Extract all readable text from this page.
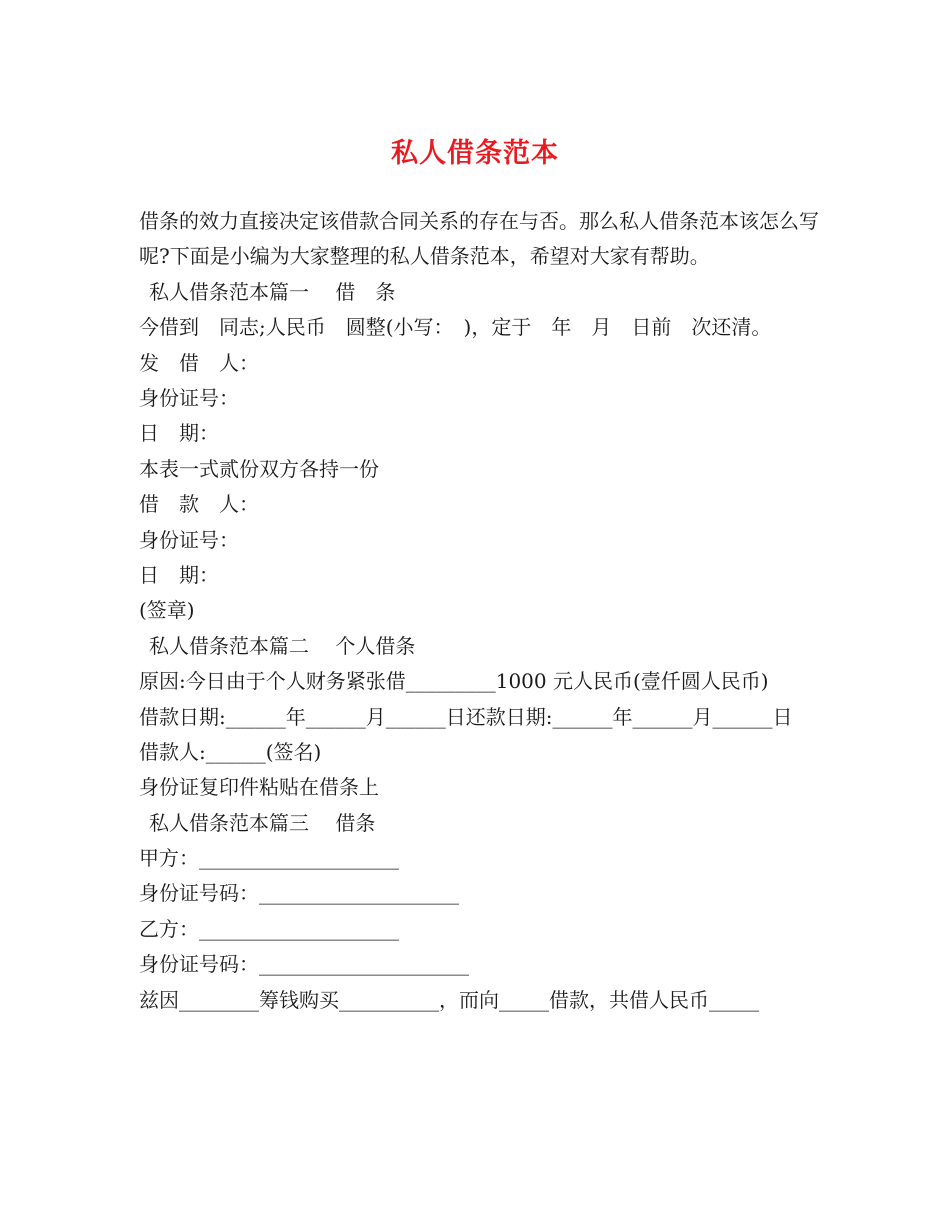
私人借条范本
借条的效力直接决定该借款合同关系的存在与否。那么私人借条范本该怎么写呢?下面是小编为大家整理的私人借条范本，希望对大家有帮助。
私人借条范本篇一　 借　条
今借到　同志;人民币　圆整(小写：　)，定于　年　月　日前　次还清。
发　借　人：
身份证号：
日　期：
本表一式贰份双方各持一份
借　款　人：
身份证号：
日　期：
(签章)
私人借条范本篇二　 个人借条
原因:今日由于个人财务紧张借_________1000 元人民币(壹仟圆人民币)
借款日期:______年______月______日还款日期:______年______月______日
借款人:______(签名)
身份证复印件粘贴在借条上
私人借条范本篇三　 借条
甲方：____________________
身份证号码：____________________
乙方：____________________
身份证号码：_____________________
兹因________筹钱购买__________，而向_____借款，共借人民币_____
